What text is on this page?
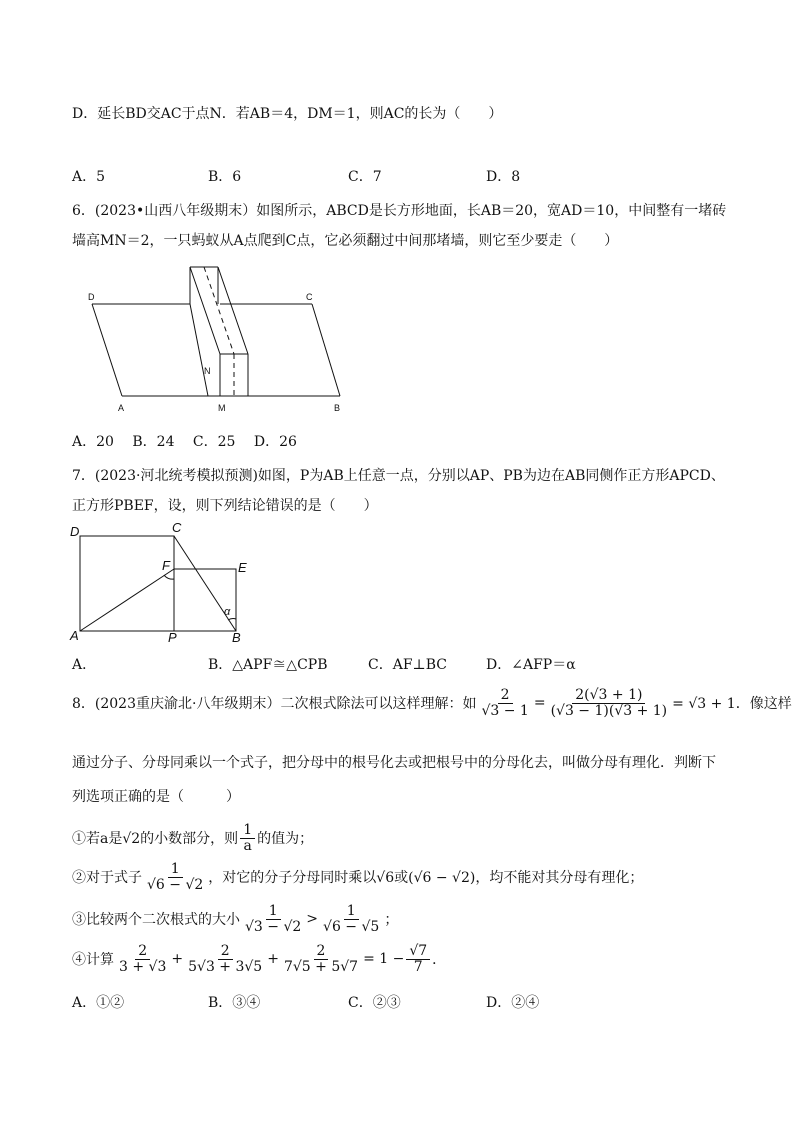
D．延长BD交AC于点N．若AB＝4，DM＝1，则AC的长为（　　）
A．5	B．6	C．7	D．8
6．(2023•山西八年级期末）如图所示，ABCD是长方形地面，长AB＝20，宽AD＝10，中间整有一堵砖
墙高MN＝2，一只蚂蚁从A点爬到C点，它必须翻过中间那堵墙，则它至少要走（　　）
D	C
N
A	M	B
A．20　 B．24　 C．25　 D．26
7．(2023·河北统考模拟预测)如图，P为AB上任意一点，分别以AP、PB为边在AB同侧作正方形APCD、
正方形PBEF，设，则下列结论错误的是（　　）
D	C
F	E
α
A	P	B
A．	B．△APF≅△CPB	C．AF⊥BC	D．∠AFP＝α
8．(2023重庆渝北·八年级期末）二次根式除法可以这样理解：如 $\frac{2}{√3 - 1} = \frac{2(√3 + 1)}{(√3 - 1)(√3 + 1)} = √3 + 1$．像这样
通过分子、分母同乘以一个式子，把分母中的根号化去或把根号中的分母化去，叫做分母有理化．判断下
列选项正确的是（　　　）
①若a是√2的小数部分，则 $\frac{1}{a}$ 的值为；
②对于式子 $\frac{1}{√6 - √2}$ ，对它的分子分母同时乘以√6或(√6 − √2)，均不能对其分母有理化；
③比较两个二次根式的大小 $\frac{1}{√3 - √2} > \frac{1}{√6 - √5}$ ；
④计算 $\frac{2}{3 + √3} + \frac{2}{5√3 + 3√5} + \frac{2}{7√5 + 5√7} = 1 - \frac{√7}{7}$ ．
A．①②	B．③④	C．②③	D．②④
